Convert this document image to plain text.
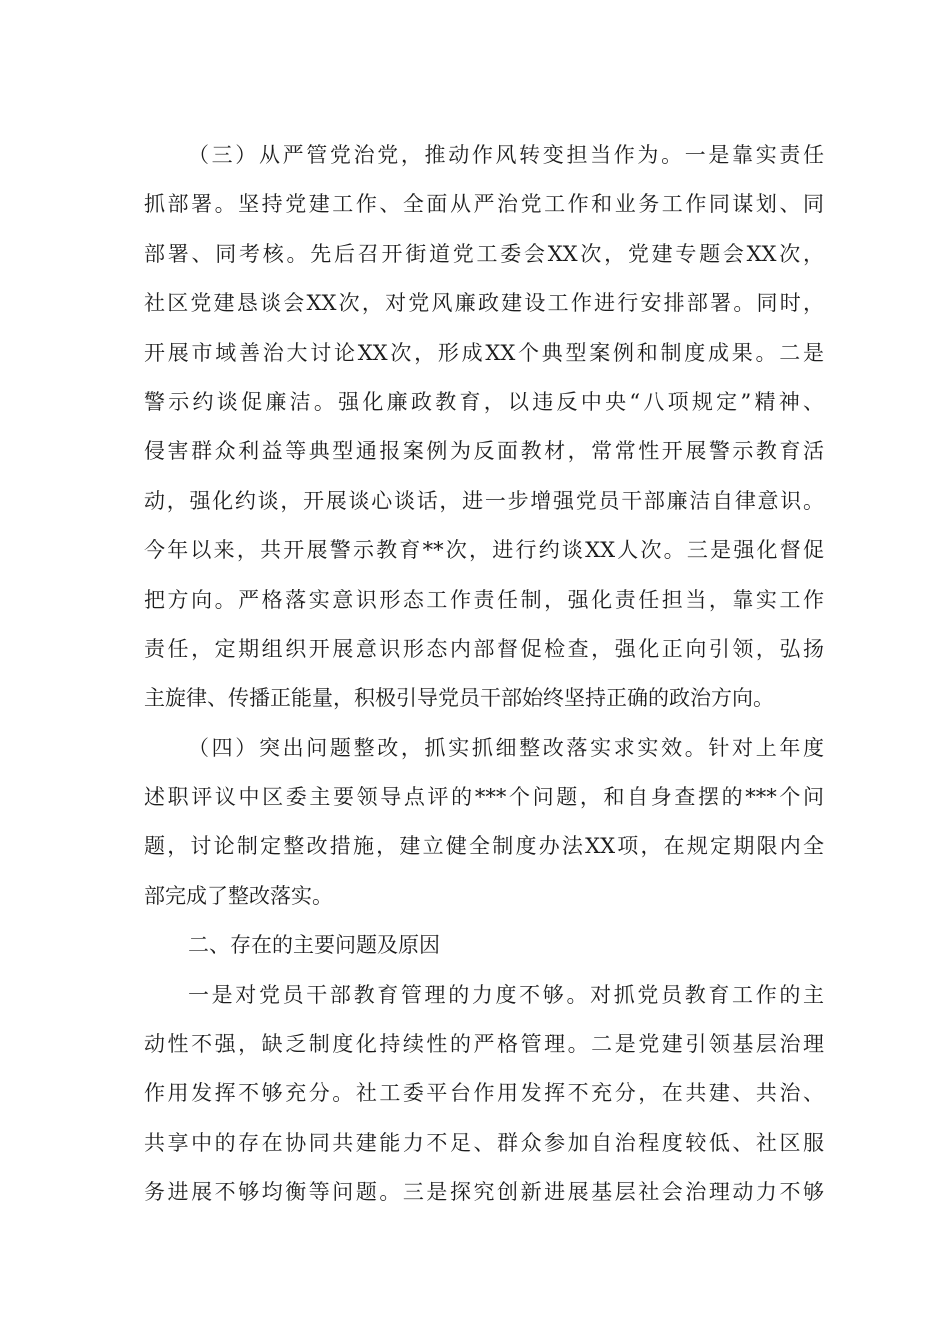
（三）从严管党治党，推动作风转变担当作为。一是靠实责任
抓部署。坚持党建工作、全面从严治党工作和业务工作同谋划、同
部署、同考核。先后召开街道党工委会XX次，党建专题会XX次，
社区党建恳谈会XX次，对党风廉政建设工作进行安排部署。同时，
开展市域善治大讨论XX次，形成XX个典型案例和制度成果。二是
警示约谈促廉洁。强化廉政教育，以违反中央“八项规定”精神、
侵害群众利益等典型通报案例为反面教材，常常性开展警示教育活
动，强化约谈，开展谈心谈话，进一步增强党员干部廉洁自律意识。
今年以来，共开展警示教育**次，进行约谈XX人次。三是强化督促
把方向。严格落实意识形态工作责任制，强化责任担当，靠实工作
责任，定期组织开展意识形态内部督促检查，强化正向引领，弘扬
主旋律、传播正能量，积极引导党员干部始终坚持正确的政治方向。
（四）突出问题整改，抓实抓细整改落实求实效。针对上年度
述职评议中区委主要领导点评的***个问题，和自身查摆的***个问
题，讨论制定整改措施，建立健全制度办法XX项，在规定期限内全
部完成了整改落实。
二、存在的主要问题及原因
一是对党员干部教育管理的力度不够。对抓党员教育工作的主
动性不强，缺乏制度化持续性的严格管理。二是党建引领基层治理
作用发挥不够充分。社工委平台作用发挥不充分，在共建、共治、
共享中的存在协同共建能力不足、群众参加自治程度较低、社区服
务进展不够均衡等问题。三是探究创新进展基层社会治理动力不够
